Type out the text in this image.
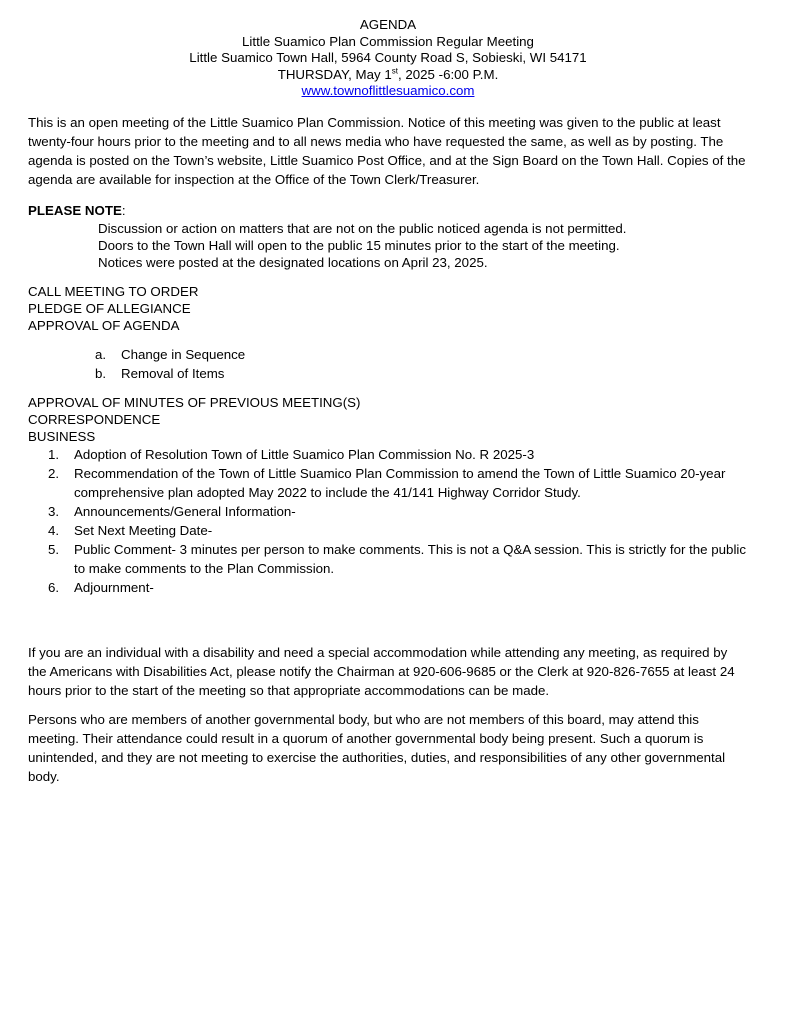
AGENDA
Little Suamico Plan Commission Regular Meeting
Little Suamico Town Hall, 5964 County Road S, Sobieski, WI 54171
THURSDAY, May 1st, 2025 -6:00 P.M.
www.townoflittlesuamico.com

This is an open meeting of the Little Suamico Plan Commission. Notice of this meeting was given to the public at least twenty-four hours prior to the meeting and to all news media who have requested the same, as well as by posting. The agenda is posted on the Town’s website, Little Suamico Post Office, and at the Sign Board on the Town Hall. Copies of the agenda are available for inspection at the Office of the Town Clerk/Treasurer.

PLEASE NOTE:
Discussion or action on matters that are not on the public noticed agenda is not permitted.
Doors to the Town Hall will open to the public 15 minutes prior to the start of the meeting.
Notices were posted at the designated locations on April 23, 2025.
CALL MEETING TO ORDER
PLEDGE OF ALLEGIANCE
APPROVAL OF AGENDA
a.	Change in Sequence
b.	Removal of Items
APPROVAL OF MINUTES OF PREVIOUS MEETING(S)
CORRESPONDENCE
BUSINESS
1.	Adoption of Resolution Town of Little Suamico Plan Commission No. R 2025-3
2.	Recommendation of the Town of Little Suamico Plan Commission to amend the Town of Little Suamico 20-year comprehensive plan adopted May 2022 to include the 41/141 Highway Corridor Study.
3.	Announcements/General Information-
4.	Set Next Meeting Date-
5.	Public Comment- 3 minutes per person to make comments. This is not a Q&A session. This is strictly for the public to make comments to the Plan Commission.
6.	Adjournment-

If you are an individual with a disability and need a special accommodation while attending any meeting, as required by the Americans with Disabilities Act, please notify the Chairman at 920-606-9685 or the Clerk at 920-826-7655 at least 24 hours prior to the start of the meeting so that appropriate accommodations can be made.

Persons who are members of another governmental body, but who are not members of this board, may attend this meeting. Their attendance could result in a quorum of another governmental body being present. Such a quorum is unintended, and they are not meeting to exercise the authorities, duties, and responsibilities of any other governmental body.
